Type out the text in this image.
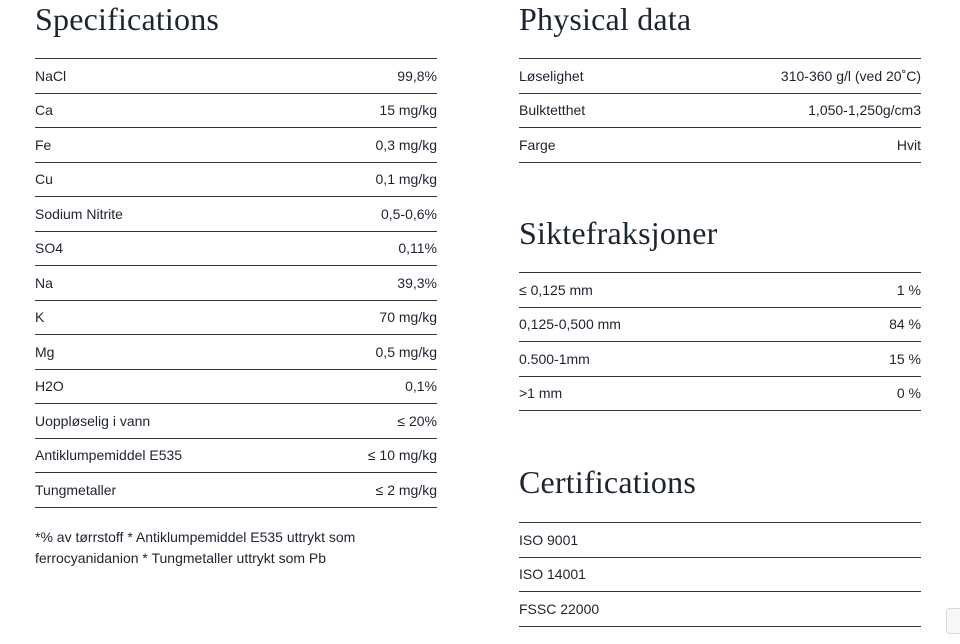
Specifications
NaCl	99,8%
Ca	15 mg/kg
Fe	0,3 mg/kg
Cu	0,1 mg/kg
Sodium Nitrite	0,5-0,6%
SO4	0,11%
Na	39,3%
K	70 mg/kg
Mg	0,5 mg/kg
H2O	0,1%
Uoppløselig i vann	≤ 20%
Antiklumpemiddel E535	≤ 10 mg/kg
Tungmetaller	≤ 2 mg/kg

*% av tørrstoff * Antiklumpemiddel E535 uttrykt som ferrocyanidanion * Tungmetaller uttrykt som Pb

Physical data
Løselighet	310-360 g/l (ved 20˚C)
Bulktetthet	1,050-1,250g/cm3
Farge	Hvit
Siktefraksjoner
≤ 0,125 mm	1 %
0,125-0,500 mm	84 %
0.500-1mm	15 %
>1 mm	0 %
Certifications
ISO 9001
ISO 14001
FSSC 22000
